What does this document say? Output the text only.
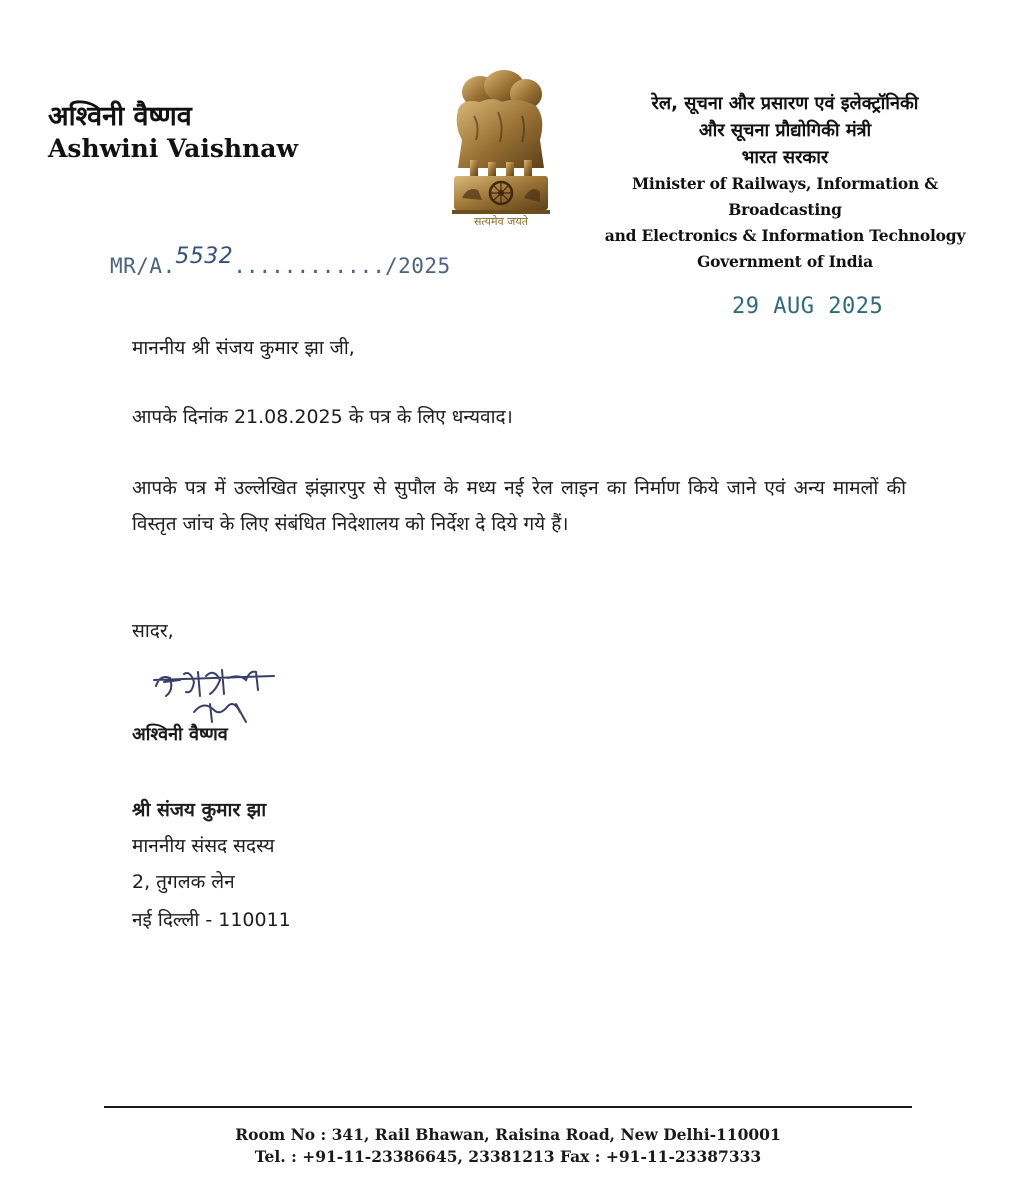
अश्विनी वैष्णव
Ashwini Vaishnaw
सत्यमेव जयते
रेल, सूचना और प्रसारण एवं इलेक्ट्रॉनिकी
और सूचना प्रौद्योगिकी मंत्री
भारत सरकार
Minister of Railways, Information & Broadcasting
and Electronics & Information Technology
Government of India
MR/A.5532............/2025
29 AUG 2025
माननीय श्री संजय कुमार झा जी,
आपके दिनांक 21.08.2025 के पत्र के लिए धन्यवाद।
आपके पत्र में उल्लेखित झंझारपुर से सुपौल के मध्य नई रेल लाइन का निर्माण किये जाने एवं अन्य मामलों की विस्तृत जांच के लिए संबंधित निदेशालय को निर्देश दे दिये गये हैं।
सादर,
अश्विनी वैष्णव
श्री संजय कुमार झा
माननीय संसद सदस्य
2, तुगलक लेन
नई दिल्ली - 110011
Room No : 341, Rail Bhawan, Raisina Road, New Delhi-110001
Tel. : +91-11-23386645, 23381213 Fax : +91-11-23387333
